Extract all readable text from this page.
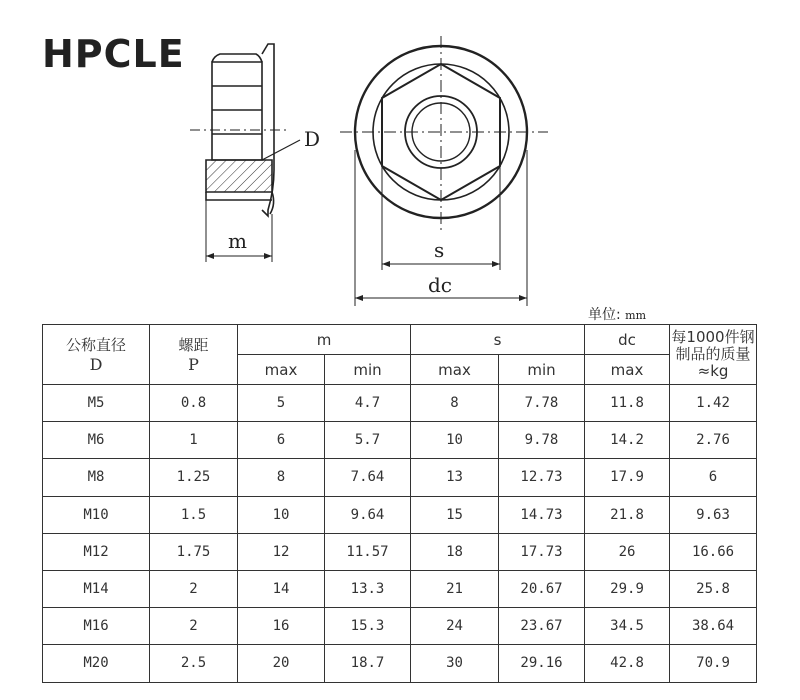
HPCLE
D
m	s
dc
单位: mm
公称直径
D	螺距
P	m		s		dc	每1000件钢
制品的质量
≈kg

		max	min	max	min	max	
M5	0.8	5	4.7	8	7.78	11.8	1.42
M6	1	6	5.7	10	9.78	14.2	2.76
M8	1.25	8	7.64	13	12.73	17.9	6
M10	1.5	10	9.64	15	14.73	21.8	9.63
M12	1.75	12	11.57	18	17.73	26	16.66
M14	2	14	13.3	21	20.67	29.9	25.8
M16	2	16	15.3	24	23.67	34.5	38.64
M20	2.5	20	18.7	30	29.16	42.8	70.9
